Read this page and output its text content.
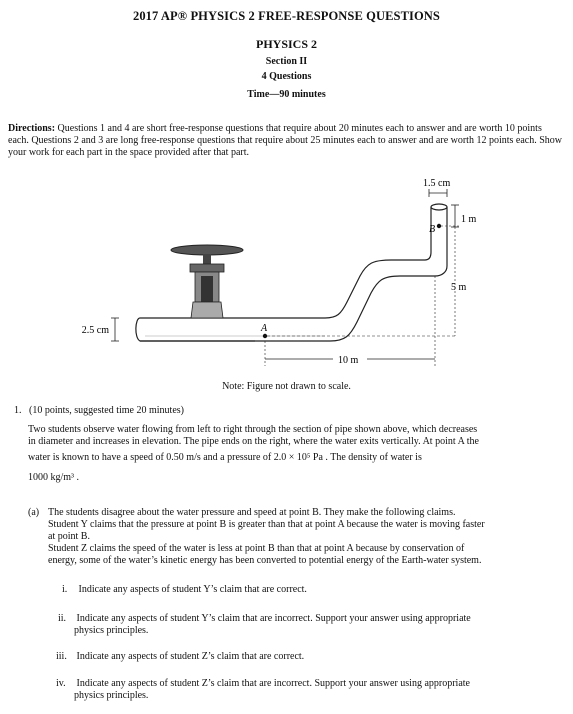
2017 AP® PHYSICS 2 FREE-RESPONSE QUESTIONS
PHYSICS 2
Section II
4 Questions
Time—90 minutes
Directions: Questions 1 and 4 are short free-response questions that require about 20 minutes each to answer and are worth 10 points each. Questions 2 and 3 are long free-response questions that require about 25 minutes each to answer and are worth 12 points each. Show your work for each part in the space provided after that part.
1.5 cm
1 m
B
5 m
2.5 cm	A
10 m
Note: Figure not drawn to scale.
1. (10 points, suggested time 20 minutes)
Two students observe water flowing from left to right through the section of pipe shown above, which decreases
in diameter and increases in elevation. The pipe ends on the right, where the water exits vertically. At point A the
water is known to have a speed of 0.50 m/s and a pressure of 2.0 × 10⁵ Pa . The density of water is
1000 kg/m³ .
(a) The students disagree about the water pressure and speed at point B. They make the following claims.
Student Y claims that the pressure at point B is greater than that at point A because the water is moving faster
at point B.
Student Z claims the speed of the water is less at point B than that at point A because by conservation of
energy, some of the water’s kinetic energy has been converted to potential energy of the Earth-water system.
i. Indicate any aspects of student Y’s claim that are correct.
ii. Indicate any aspects of student Y’s claim that are incorrect. Support your answer using appropriate
physics principles.
iii. Indicate any aspects of student Z’s claim that are correct.
iv. Indicate any aspects of student Z’s claim that are incorrect. Support your answer using appropriate
physics principles.
